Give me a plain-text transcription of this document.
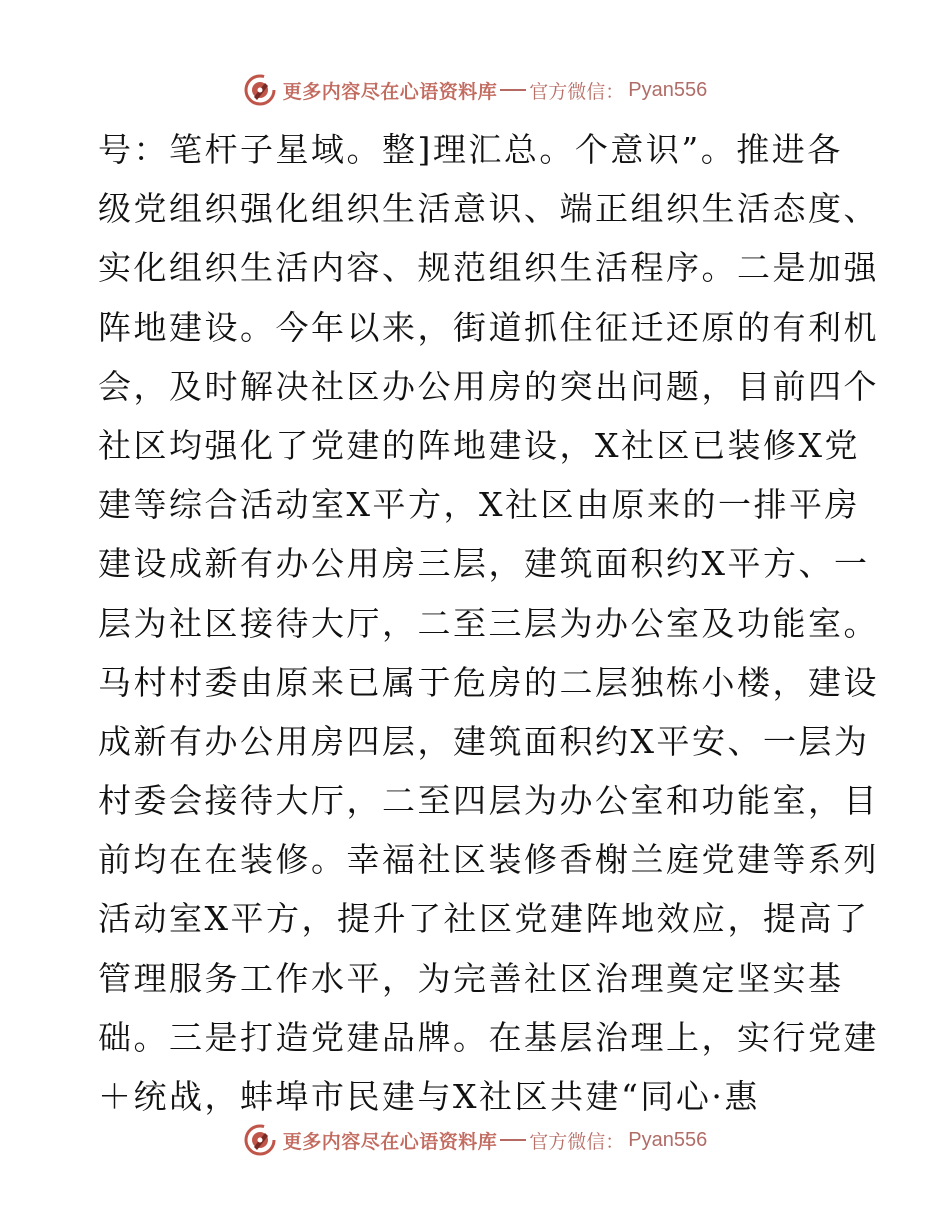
更多内容尽在心语资料库 官方微信： Pyan556
号：笔杆子星域。整]理汇总。个意识”。推进各
级党组织强化组织生活意识、端正组织生活态度、
实化组织生活内容、规范组织生活程序。二是加强
阵地建设。今年以来，街道抓住征迁还原的有利机
会，及时解决社区办公用房的突出问题，目前四个
社区均强化了党建的阵地建设，X社区已装修X党
建等综合活动室X平方，X社区由原来的一排平房
建设成新有办公用房三层，建筑面积约X平方、一
层为社区接待大厅，二至三层为办公室及功能室。
马村村委由原来已属于危房的二层独栋小楼，建设
成新有办公用房四层，建筑面积约X平安、一层为
村委会接待大厅，二至四层为办公室和功能室，目
前均在在装修。幸福社区装修香榭兰庭党建等系列
活动室X平方，提升了社区党建阵地效应，提高了
管理服务工作水平，为完善社区治理奠定坚实基
础。三是打造党建品牌。在基层治理上，实行党建
＋统战，蚌埠市民建与X社区共建“同心·惠
更多内容尽在心语资料库 官方微信： Pyan556
